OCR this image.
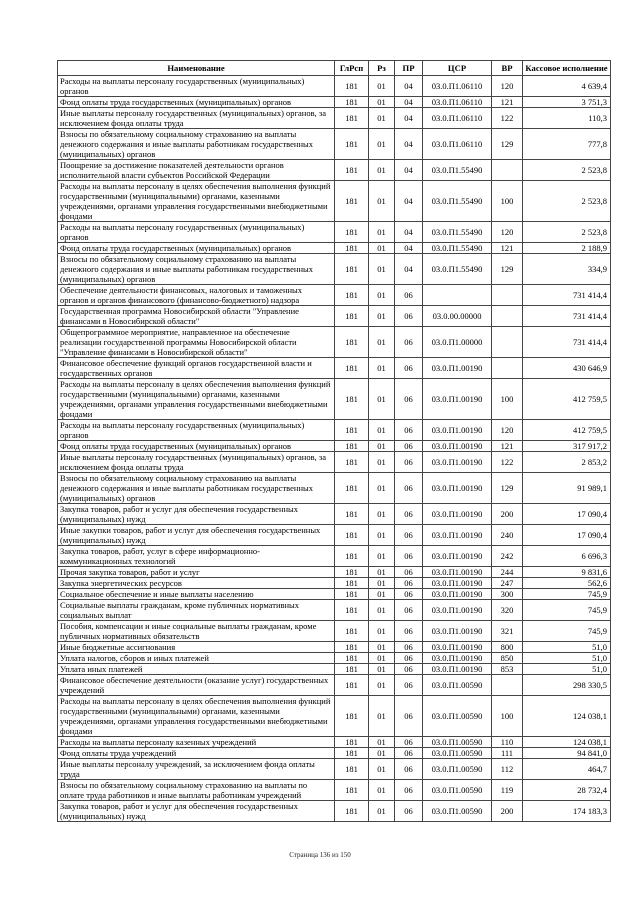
Наименование	ГлРсп	Рз	ПР	ЦСР	ВР	Кассовое исполнение
Расходы на выплаты персоналу государственных (муниципальных) органов	181	01	04	03.0.П1.06110	120	4 639,4
Фонд оплаты труда государственных (муниципальных) органов	181	01	04	03.0.П1.06110	121	3 751,3
Иные выплаты персоналу государственных (муниципальных) органов, за исключением фонда оплаты труда	181	01	04	03.0.П1.06110	122	110,3
Взносы по обязательному социальному страхованию на выплаты денежного содержания и иные выплаты работникам государственных (муниципальных) органов	181	01	04	03.0.П1.06110	129	777,8
Поощрение за достижение показателей деятельности органов исполнительной власти субъектов Российской Федерации	181	01	04	03.0.П1.55490		2 523,8
Расходы на выплаты персоналу в целях обеспечения выполнения функций государственными (муниципальными) органами, казенными учреждениями, органами управления государственными внебюджетными фондами	181	01	04	03.0.П1.55490	100	2 523,8
Расходы на выплаты персоналу государственных (муниципальных) органов	181	01	04	03.0.П1.55490	120	2 523,8
Фонд оплаты труда государственных (муниципальных) органов	181	01	04	03.0.П1.55490	121	2 188,9
Взносы по обязательному социальному страхованию на выплаты денежного содержания и иные выплаты работникам государственных (муниципальных) органов	181	01	04	03.0.П1.55490	129	334,9
Обеспечение деятельности финансовых, налоговых и таможенных органов и органов финансового (финансово-бюджетного) надзора	181	01	06			731 414,4
Государственная программа Новосибирской области "Управление финансами в Новосибирской области"	181	01	06	03.0.00.00000		731 414,4
Общепрограммное мероприятие, направленное на обеспечение реализации государственной программы Новосибирской области "Управление финансами в Новосибирской области"	181	01	06	03.0.П1.00000		731 414,4
Финансовое обеспечение функций органов государственной власти и государственных органов	181	01	06	03.0.П1.00190		430 646,9
Расходы на выплаты персоналу в целях обеспечения выполнения функций государственными (муниципальными) органами, казенными учреждениями, органами управления государственными внебюджетными фондами	181	01	06	03.0.П1.00190	100	412 759,5
Расходы на выплаты персоналу государственных (муниципальных) органов	181	01	06	03.0.П1.00190	120	412 759,5
Фонд оплаты труда государственных (муниципальных) органов	181	01	06	03.0.П1.00190	121	317 917,2
Иные выплаты персоналу государственных (муниципальных) органов, за исключением фонда оплаты труда	181	01	06	03.0.П1.00190	122	2 853,2
Взносы по обязательному социальному страхованию на выплаты денежного содержания и иные выплаты работникам государственных (муниципальных) органов	181	01	06	03.0.П1.00190	129	91 989,1
Закупка товаров, работ и услуг для обеспечения государственных (муниципальных) нужд	181	01	06	03.0.П1.00190	200	17 090,4
Иные закупки товаров, работ и услуг для обеспечения государственных (муниципальных) нужд	181	01	06	03.0.П1.00190	240	17 090,4
Закупка товаров, работ, услуг в сфере информационно-коммуникационных технологий	181	01	06	03.0.П1.00190	242	6 696,3
Прочая закупка товаров, работ и услуг	181	01	06	03.0.П1.00190	244	9 831,6
Закупка энергетических ресурсов	181	01	06	03.0.П1.00190	247	562,6
Социальное обеспечение и иные выплаты населению	181	01	06	03.0.П1.00190	300	745,9
Социальные выплаты гражданам, кроме публичных нормативных социальных выплат	181	01	06	03.0.П1.00190	320	745,9
Пособия, компенсации и иные социальные выплаты гражданам, кроме публичных нормативных обязательств	181	01	06	03.0.П1.00190	321	745,9
Иные бюджетные ассигнования	181	01	06	03.0.П1.00190	800	51,0
Уплата налогов, сборов и иных платежей	181	01	06	03.0.П1.00190	850	51,0
Уплата иных платежей	181	01	06	03.0.П1.00190	853	51,0
Финансовое обеспечение деятельности (оказание услуг) государственных учреждений	181	01	06	03.0.П1.00590		298 330,5
Расходы на выплаты персоналу в целях обеспечения выполнения функций государственными (муниципальными) органами, казенными учреждениями, органами управления государственными внебюджетными фондами	181	01	06	03.0.П1.00590	100	124 038,1
Расходы на выплаты персоналу казенных учреждений	181	01	06	03.0.П1.00590	110	124 038,1
Фонд оплаты труда учреждений	181	01	06	03.0.П1.00590	111	94 841,0
Иные выплаты персоналу учреждений, за исключением фонда оплаты труда	181	01	06	03.0.П1.00590	112	464,7
Взносы по обязательному социальному страхованию на выплаты по оплате труда работников и иные выплаты работникам учреждений	181	01	06	03.0.П1.00590	119	28 732,4
Закупка товаров, работ и услуг для обеспечения государственных (муниципальных) нужд	181	01	06	03.0.П1.00590	200	174 183,3
Страница 136 из 150
